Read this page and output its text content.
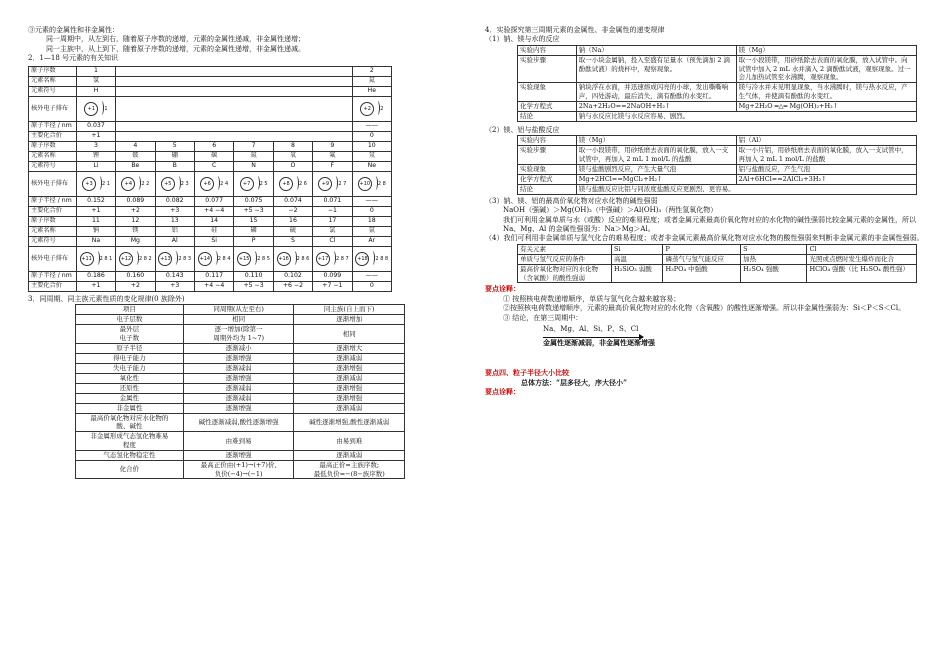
③元素的金属性和非金属性：

同一周期中，从左到右，随着原子序数的递增，元素的金属性递减，非金属性递增；

同一主族中，从上到下，随着原子序数的递增，元素的金属性递增，非金属性递减。

2．1—18 号元素的有关知识

原子序数	1							2
元素名称	氢							氦
元素符号	H							He
核外电子排布	+1 1							+2 2
原子半径 / nm	0.037							——
主要化合价	+1							0
原子序数	3	4	5	6	7	8	9	10
元素名称	锂	铍	硼	碳	氮	氧	氟	氖
元素符号	Li	Be	B	C	N	O	F	Ne
核外电子排布	+3 2 1	+4 2 2	+5 2 3	+6 2 4	+7 2 5	+8 2 6	+9 2 7	+10 2 8
原子半径 / nm	0.152	0.089	0.082	0.077	0.075	0.074	0.071	——
主要化合价	+1	+2	+3	+4 −4	+5 −3	−2	−1	0
原子序数	11	12	13	14	15	16	17	18
元素名称	钠	镁	铝	硅	磷	硫	氯	氩
元素符号	Na	Mg	Al	Si	P	S	Cl	Ar
核外电子排布	+11 2 8 1	+12 2 8 2	+13 2 8 3	+14 2 8 4	+15 2 8 5	+16 2 8 6	+17 2 8 7	+18 2 8 8
原子半径 / nm	0.186	0.160	0.143	0.117	0.110	0.102	0.099	——
主要化合价	+1	+2	+3	+4 −4	+5 −3	+6 −2	+7 −1	0

3．同周期、同主族元素性质的变化规律(0 族除外)

项目	同周期(从左至右)	同主族(自上而下)
电子层数	相同	逐渐增加
最外层
电子数	逐一增加(除第一
周期外均为 1~7)	相同
原子半径	逐渐减小	逐渐增大
得电子能力	逐渐增强	逐渐减弱
失电子能力	逐渐减弱	逐渐增强
氧化性	逐渐增强	逐渐减弱
还原性	逐渐减弱	逐渐增强
金属性	逐渐减弱	逐渐增强
非金属性	逐渐增强	逐渐减弱
最高价氧化物对应水化物的
酸、碱性	碱性逐渐减弱,酸性逐渐增强	碱性逐渐增强,酸性逐渐减弱
非金属形成气态氢化物难易
程度	由难到易	由易到难
气态氢化物稳定性	逐渐增强	逐渐减弱
化合价	最高正价由(+1)→(+7)价,
负价(−4)→(−1)	最高正价=主族序数;
最低负价=−(8−族序数)

4．实验探究第三周期元素的金属性、非金属性的递变规律

（1）钠、镁与水的反应

实验内容	钠（Na）	镁（Mg）
实验步骤	取一小块金属钠，投入至盛有足量水（预先滴加 2 滴酚酞试液）的烧杯中，观察现象。	取一小段镁带，用砂纸除去表面的氧化膜，放入试管中。向试管中加入 2 mL 水并滴入 2 滴酚酞试液，观察现象。过一会儿加热试管至水沸腾，观察现象。
实验现象	钠块浮在水面，并迅速熔成闪亮的小球，发出嘶嘶响声，四处游动，最后消失，滴有酚酞的水变红。	镁与冷水并未见明显现象，当水沸腾时，镁与热水反应，产生气体，并使滴有酚酞的水变红。
化学方程式	2Na+2H₂O==2NaOH+H₂↑	Mg+2H₂O ═△═ Mg(OH)₂+H₂↑
结论	钠与水反应比镁与水反应容易、剧烈。	

（2）镁、铝与盐酸反应

实验内容	镁（Mg）	铝（Al）
实验步骤	取一小段镁带，用砂纸磨去表面的氧化膜，放入一支试管中，再加入 2 mL 1 mol/L 的盐酸	取一小片铝，用砂纸磨去表面的氧化膜，放入一支试管中，再加入 2 mL 1 mol/L 的盐酸
实验现象	镁与盐酸剧烈反应，产生大量气泡	铝与盐酸反应，产生气泡
化学方程式	Mg+2HCl==MgCl₂+H₂↑	2Al+6HCl==2AlCl₃+3H₂↑
结论	镁与盐酸反应比铝与同浓度盐酸反应更剧烈、更容易。	

（3）钠、镁、铝的最高价氧化物对应水化物的碱性强弱

NaOH（强碱）＞Mg(OH)₂（中强碱）＞Al(OH)₃（两性氢氧化物）

我们可利用金属单质与水（或酸）反应的难易程度；或者金属元素最高价氧化物对应的水化物的碱性强弱比较金属元素的金属性，所以 Na、Mg、Al 的金属性强弱为：Na＞Mg＞Al。

（4）我们可利用非金属单质与氢气化合的难易程度；或者非金属元素最高价氧化物对应水化物的酸性强弱来判断非金属元素的非金属性强弱。

有关元素	Si	P	S	Cl
单质与氢气反应的条件	高温	磷蒸气与氢气能反应	加热	光照或点燃时发生爆炸而化合
最高价氧化物对应的水化物（含氧酸）的酸性强弱	H₂SiO₃ 弱酸	H₃PO₄ 中强酸	H₂SO₄ 强酸	HClO₄ 强酸（比 H₂SO₄ 酸性强）

要点诠释：

① 按照核电荷数递增顺序，单质与氢气化合越来越容易；

②按照核电荷数递增顺序，元素的最高价氧化物对应的水化物（含氧酸）的酸性逐渐增强。所以非金属性强弱为：Si＜P＜S＜Cl。

③ 结论，在第三周期中：

Na、Mg、Al、Si、P、S、Cl

金属性逐渐减弱，非金属性逐渐增强

要点四、粒子半径大小比较

总体方法：“层多径大，序大径小”

要点诠释：
